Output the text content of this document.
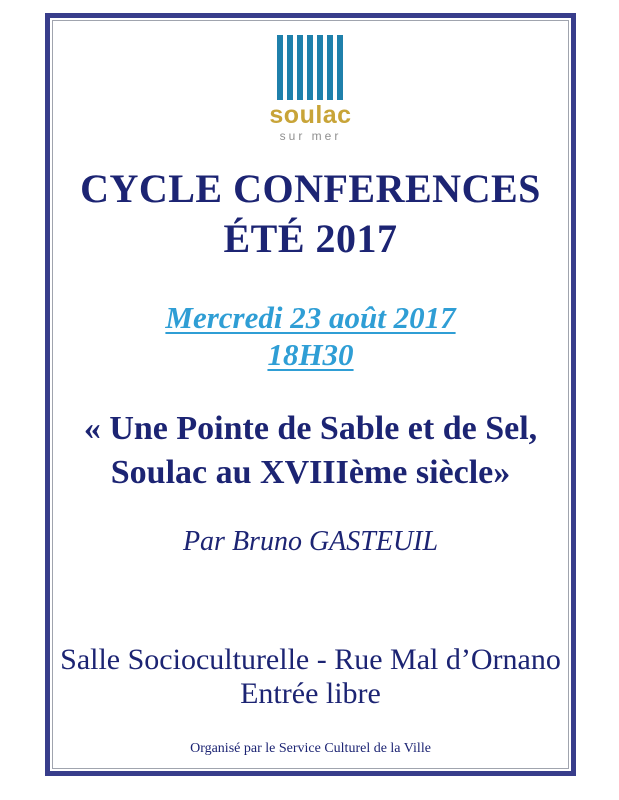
soulac
sur mer
CYCLE CONFERENCES
ÉTÉ 2017
Mercredi 23 août 2017
18H30
« Une Pointe de Sable et de Sel,
Soulac au XVIIIème siècle»
Par Bruno GASTEUIL
Salle Socioculturelle - Rue Mal d’Ornano
Entrée libre
Organisé par le Service Culturel de la Ville
